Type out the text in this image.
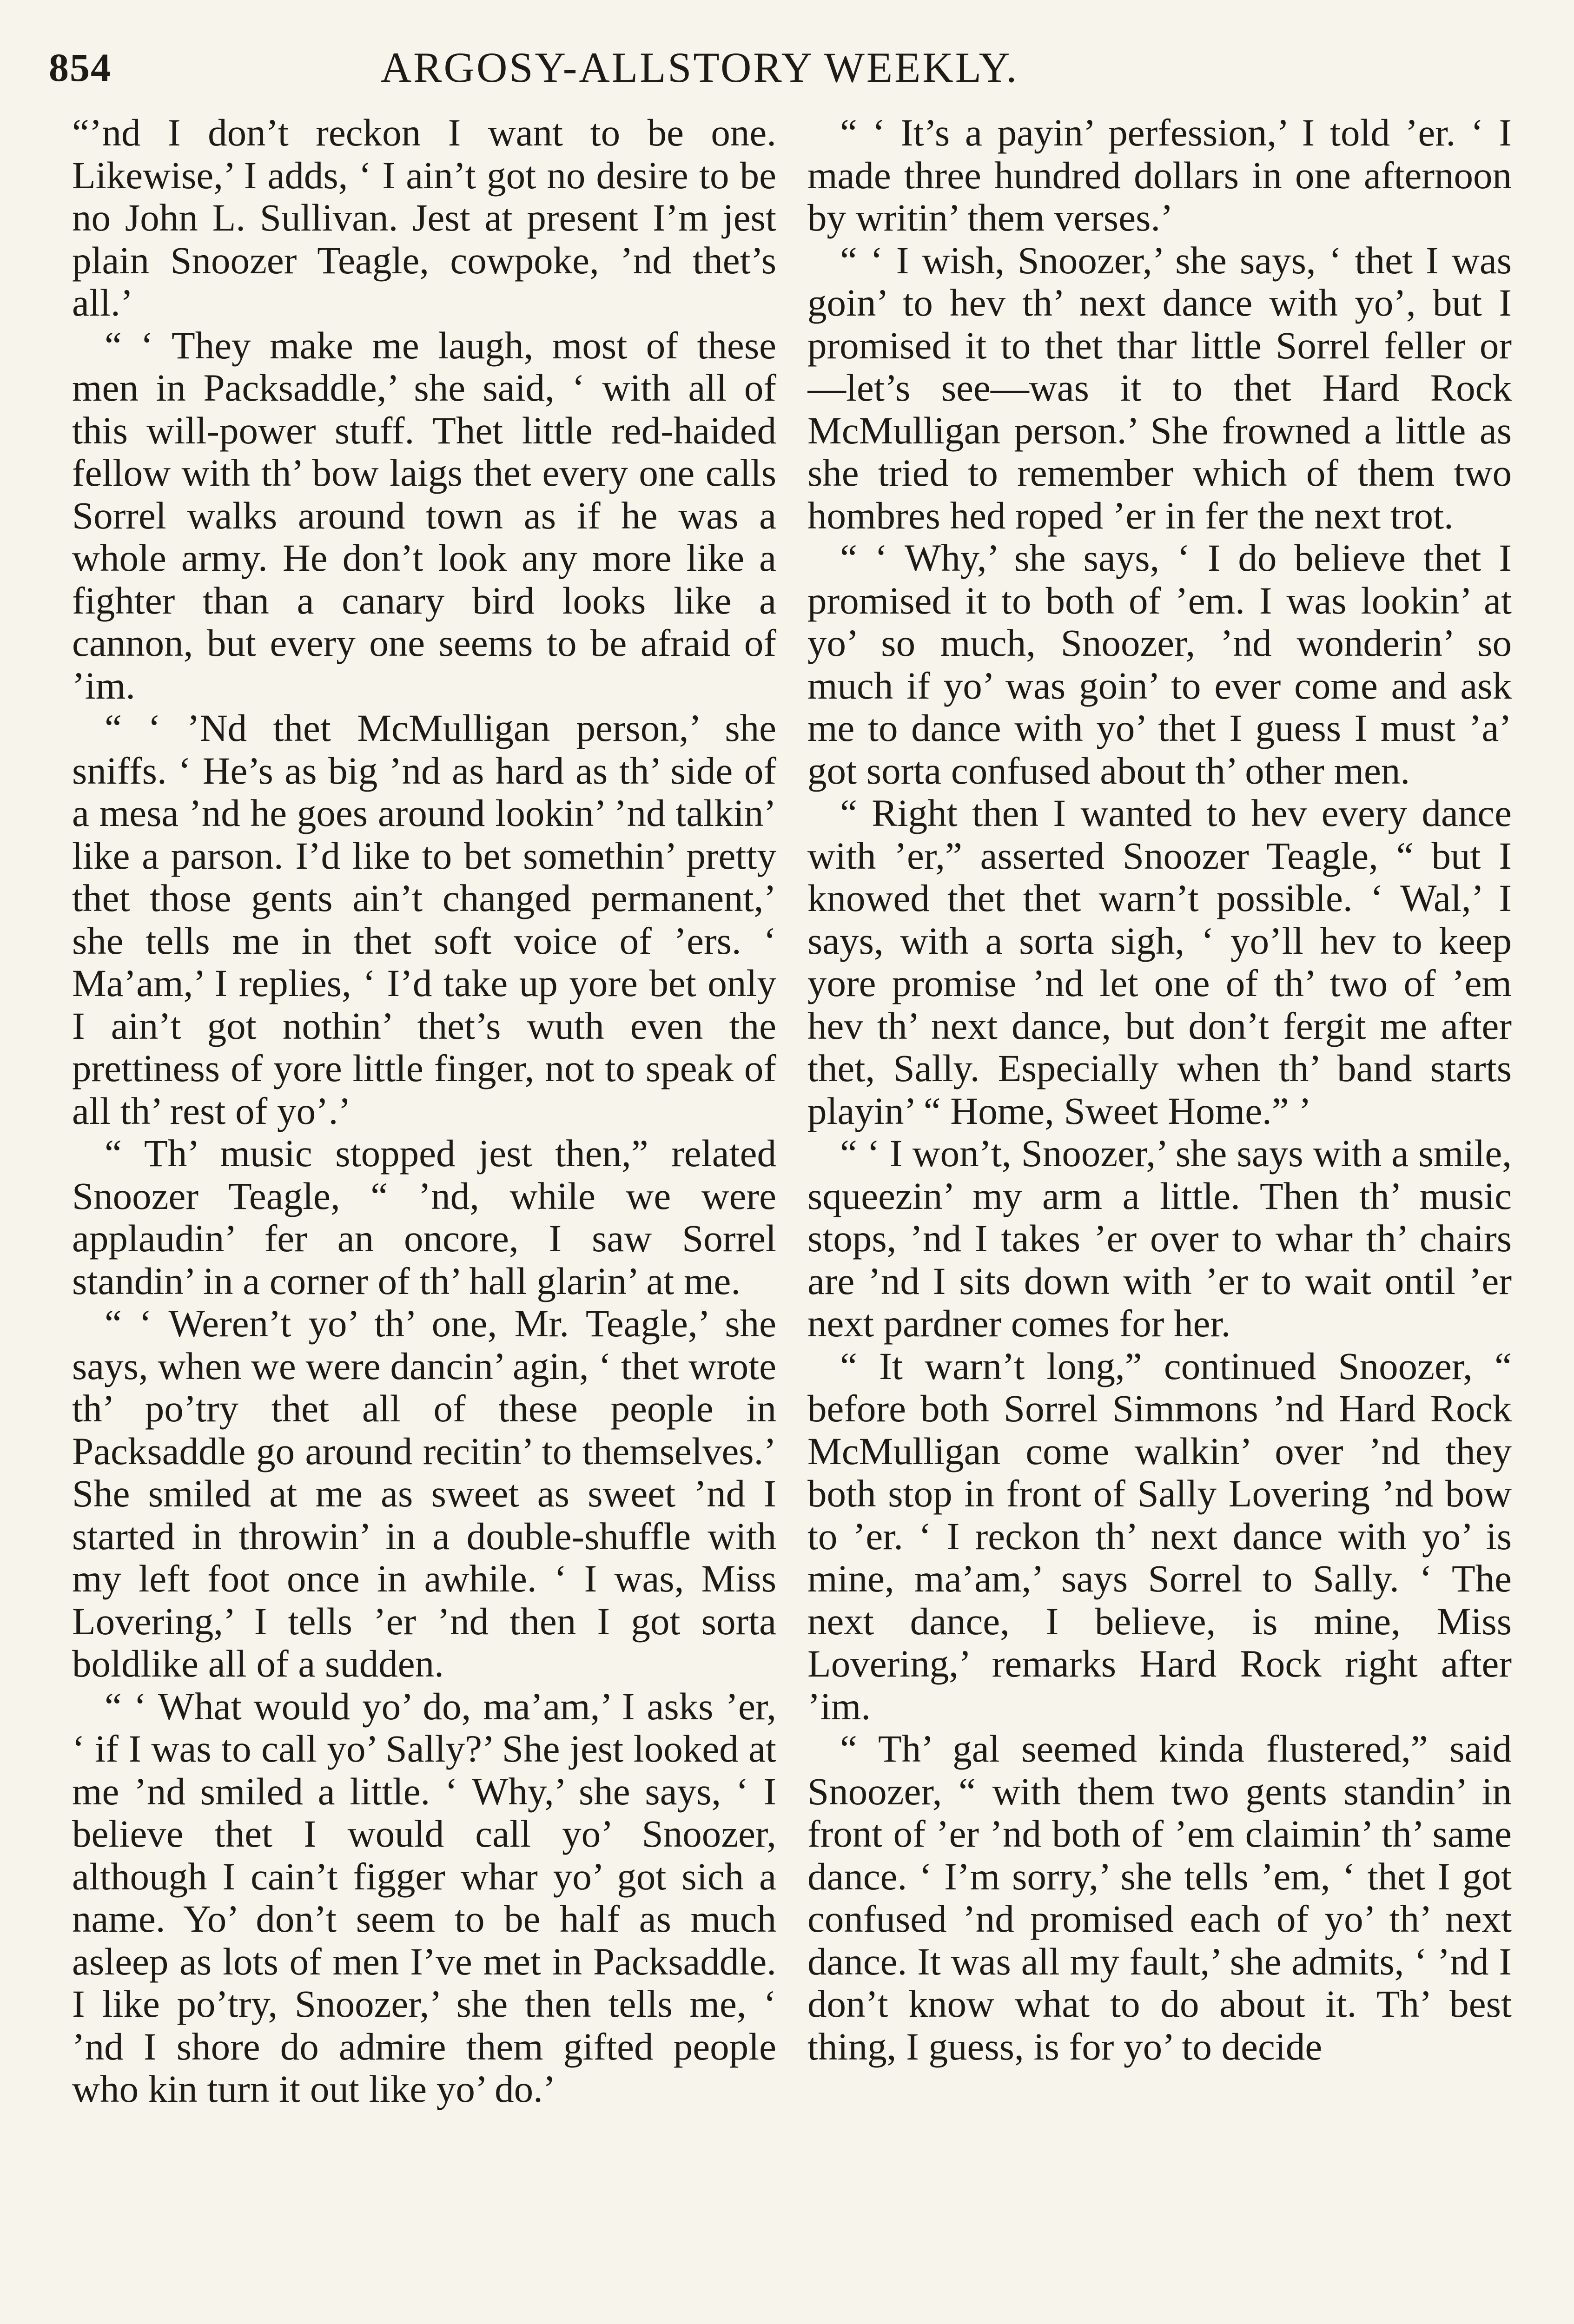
854	ARGOSY-ALLSTORY WEEKLY.

“’nd I don’t reckon I want to be one. Likewise,’ I adds, ‘ I ain’t got no desire to be no John L. Sullivan. Jest at present I’m jest plain Snoozer Teagle, cowpoke, ’nd thet’s all.’

“ ‘ They make me laugh, most of these men in Packsaddle,’ she said, ‘ with all of this will-power stuff. Thet little red-haided fellow with th’ bow laigs thet every one calls Sorrel walks around town as if he was a whole army. He don’t look any more like a fighter than a canary bird looks like a cannon, but every one seems to be afraid of ’im.

“ ‘ ’Nd thet McMulligan person,’ she sniffs. ‘ He’s as big ’nd as hard as th’ side of a mesa ’nd he goes around lookin’ ’nd talkin’ like a parson. I’d like to bet somethin’ pretty thet those gents ain’t changed permanent,’ she tells me in thet soft voice of ’ers. ‘ Ma’am,’ I replies, ‘ I’d take up yore bet only I ain’t got nothin’ thet’s wuth even the prettiness of yore little finger, not to speak of all th’ rest of yo’.’

“ Th’ music stopped jest then,” related Snoozer Teagle, “ ’nd, while we were applaudin’ fer an oncore, I saw Sorrel standin’ in a corner of th’ hall glarin’ at me.

“ ‘ Weren’t yo’ th’ one, Mr. Teagle,’ she says, when we were dancin’ agin, ‘ thet wrote th’ po’try thet all of these people in Packsaddle go around recitin’ to themselves.’ She smiled at me as sweet as sweet ’nd I started in throwin’ in a double-shuffle with my left foot once in awhile. ‘ I was, Miss Lovering,’ I tells ’er ’nd then I got sorta boldlike all of a sudden.

“ ‘ What would yo’ do, ma’am,’ I asks ’er, ‘ if I was to call yo’ Sally?’ She jest looked at me ’nd smiled a little. ‘ Why,’ she says, ‘ I believe thet I would call yo’ Snoozer, although I cain’t figger whar yo’ got sich a name. Yo’ don’t seem to be half as much asleep as lots of men I’ve met in Packsaddle. I like po’try, Snoozer,’ she then tells me, ‘ ’nd I shore do admire them gifted people who kin turn it out like yo’ do.’

“ ‘ It’s a payin’ perfession,’ I told ’er. ‘ I made three hundred dollars in one afternoon by writin’ them verses.’

“ ‘ I wish, Snoozer,’ she says, ‘ thet I was goin’ to hev th’ next dance with yo’, but I promised it to thet thar little Sorrel feller or—let’s see—was it to thet Hard Rock McMulligan person.’ She frowned a little as she tried to remember which of them two hombres hed roped ’er in fer the next trot.

“ ‘ Why,’ she says, ‘ I do believe thet I promised it to both of ’em. I was lookin’ at yo’ so much, Snoozer, ’nd wonderin’ so much if yo’ was goin’ to ever come and ask me to dance with yo’ thet I guess I must ’a’ got sorta confused about th’ other men.

“ Right then I wanted to hev every dance with ’er,” asserted Snoozer Teagle, “ but I knowed thet thet warn’t possible. ‘ Wal,’ I says, with a sorta sigh, ‘ yo’ll hev to keep yore promise ’nd let one of th’ two of ’em hev th’ next dance, but don’t fergit me after thet, Sally. Especially when th’ band starts playin’ “ Home, Sweet Home.” ’

“ ‘ I won’t, Snoozer,’ she says with a smile, squeezin’ my arm a little. Then th’ music stops, ’nd I takes ’er over to whar th’ chairs are ’nd I sits down with ’er to wait ontil ’er next pardner comes for her.

“ It warn’t long,” continued Snoozer, “ before both Sorrel Simmons ’nd Hard Rock McMulligan come walkin’ over ’nd they both stop in front of Sally Lovering ’nd bow to ’er. ‘ I reckon th’ next dance with yo’ is mine, ma’am,’ says Sorrel to Sally. ‘ The next dance, I believe, is mine, Miss Lovering,’ remarks Hard Rock right after ’im.

“ Th’ gal seemed kinda flustered,” said Snoozer, “ with them two gents standin’ in front of ’er ’nd both of ’em claimin’ th’ same dance. ‘ I’m sorry,’ she tells ’em, ‘ thet I got confused ’nd promised each of yo’ th’ next dance. It was all my fault,’ she admits, ‘ ’nd I don’t know what to do about it. Th’ best thing, I guess, is for yo’ to decide
